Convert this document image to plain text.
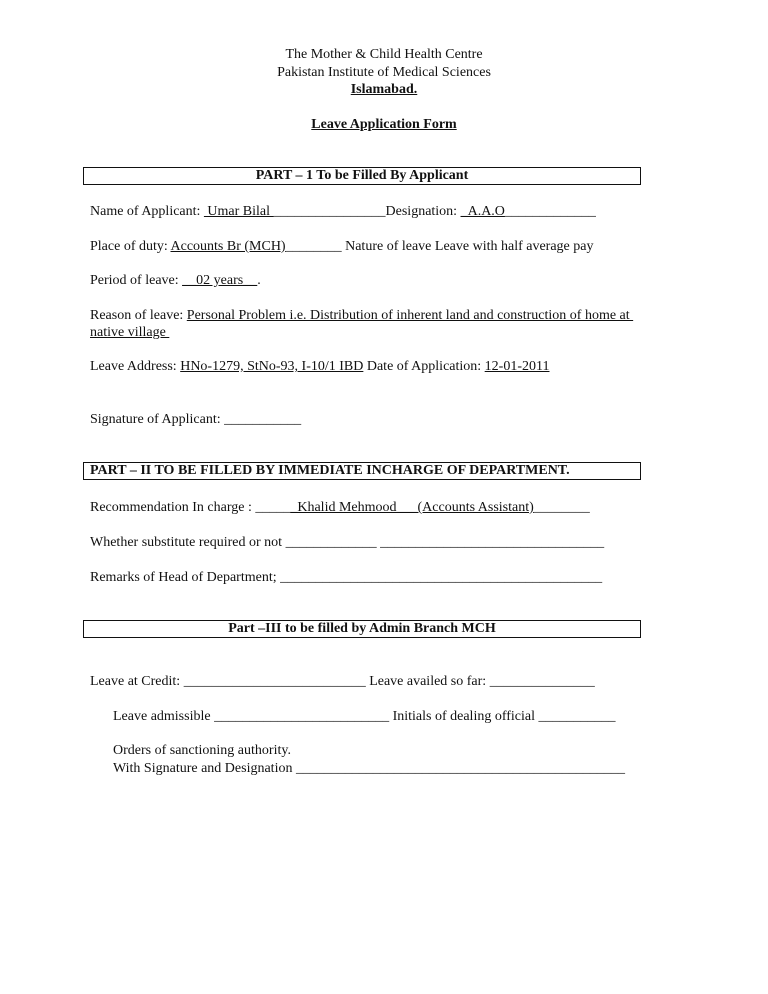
The Mother & Child Health Centre
Pakistan Institute of Medical Sciences
Islamabad.
Leave Application Form
PART – 1 To be Filled By Applicant
Name of Applicant:  Umar Bilal ________________Designation: _A.A.O_____________
Place of duty: Accounts Br (MCH)________ Nature of leave Leave with half average pay
Period of leave: __02 years__.
Reason of leave: Personal Problem i.e. Distribution of inherent land and construction of home at
native village
Leave Address: HNo-1279, StNo-93, I-10/1 IBD Date of Application: 12-01-2011
Signature of Applicant: ___________
PART – II TO BE FILLED BY IMMEDIATE INCHARGE OF DEPARTMENT.
Recommendation In charge : ______Khalid Mehmood___(Accounts Assistant)________
Whether substitute required or not _____________ ________________________________
Remarks of Head of Department; ______________________________________________
Part –III to be filled by Admin Branch MCH
Leave at Credit: __________________________ Leave availed so far: _______________
Leave admissible _________________________ Initials of dealing official ___________
Orders of sanctioning authority.
With Signature and Designation _______________________________________________
